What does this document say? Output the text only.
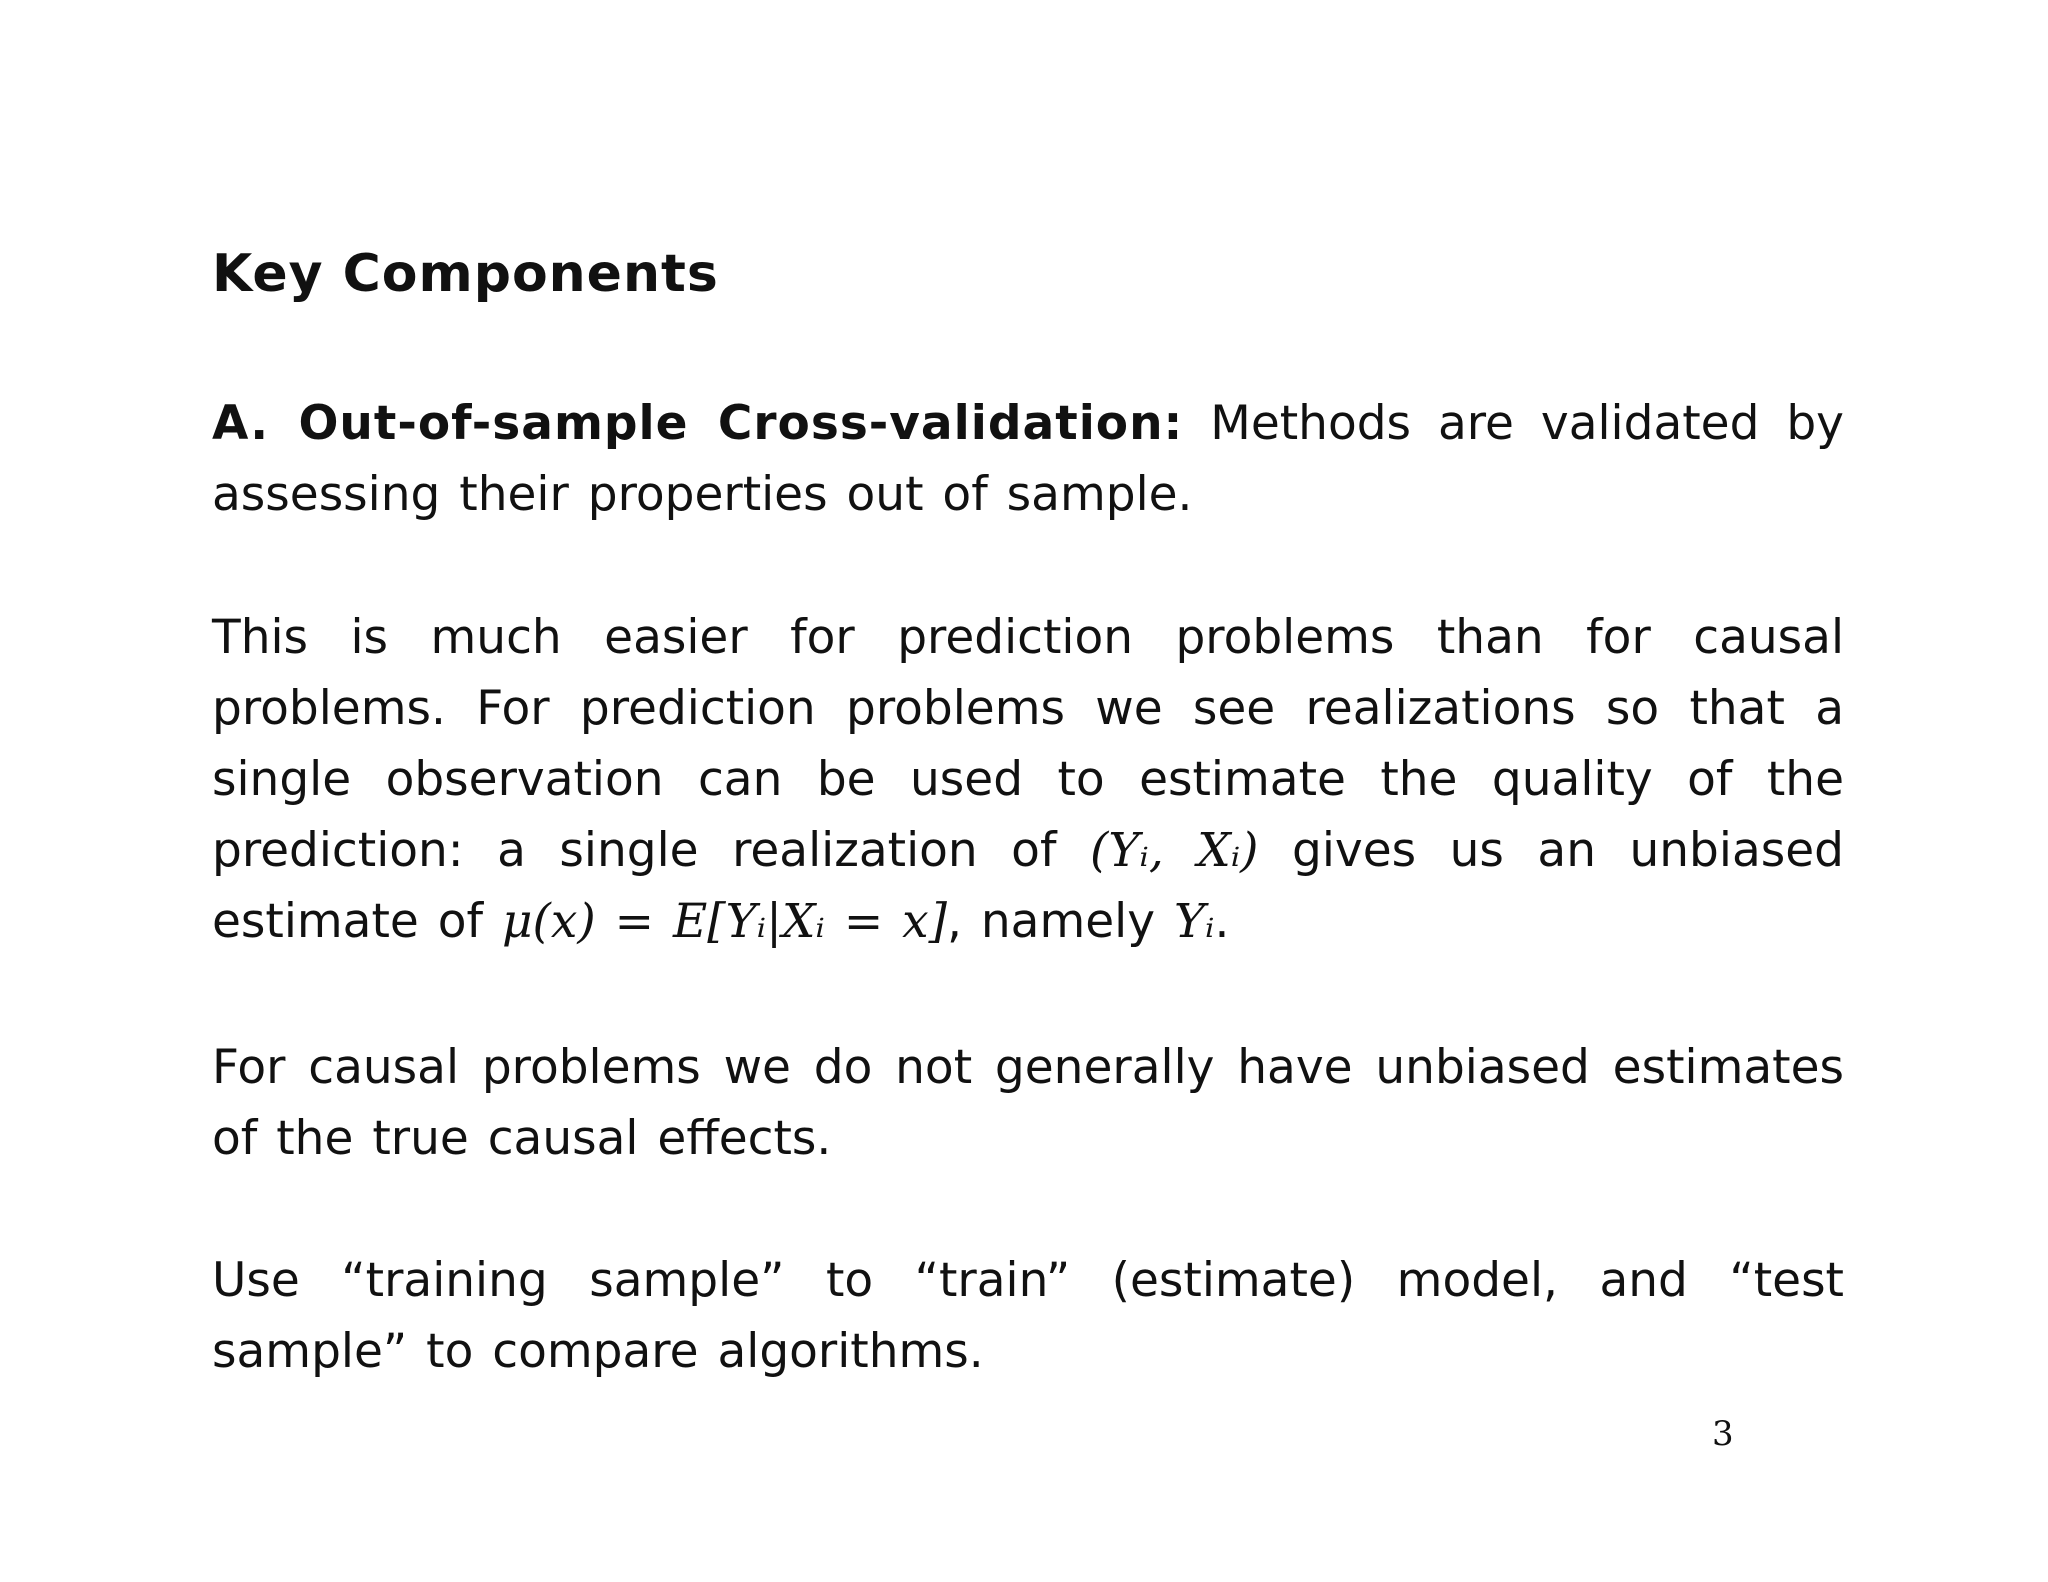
Key Components
A. Out-of-sample Cross-validation: Methods are validated by assessing their properties out of sample.
This is much easier for prediction problems than for causal problems. For prediction problems we see realizations so that a single observation can be used to estimate the quality of the prediction: a single realization of (Yᵢ, Xᵢ) gives us an unbiased estimate of μ(x) = E[Yᵢ|Xᵢ = x], namely Yᵢ.
For causal problems we do not generally have unbiased estimates of the true causal effects.
Use “training sample” to “train” (estimate) model, and “test sample” to compare algorithms.
3
